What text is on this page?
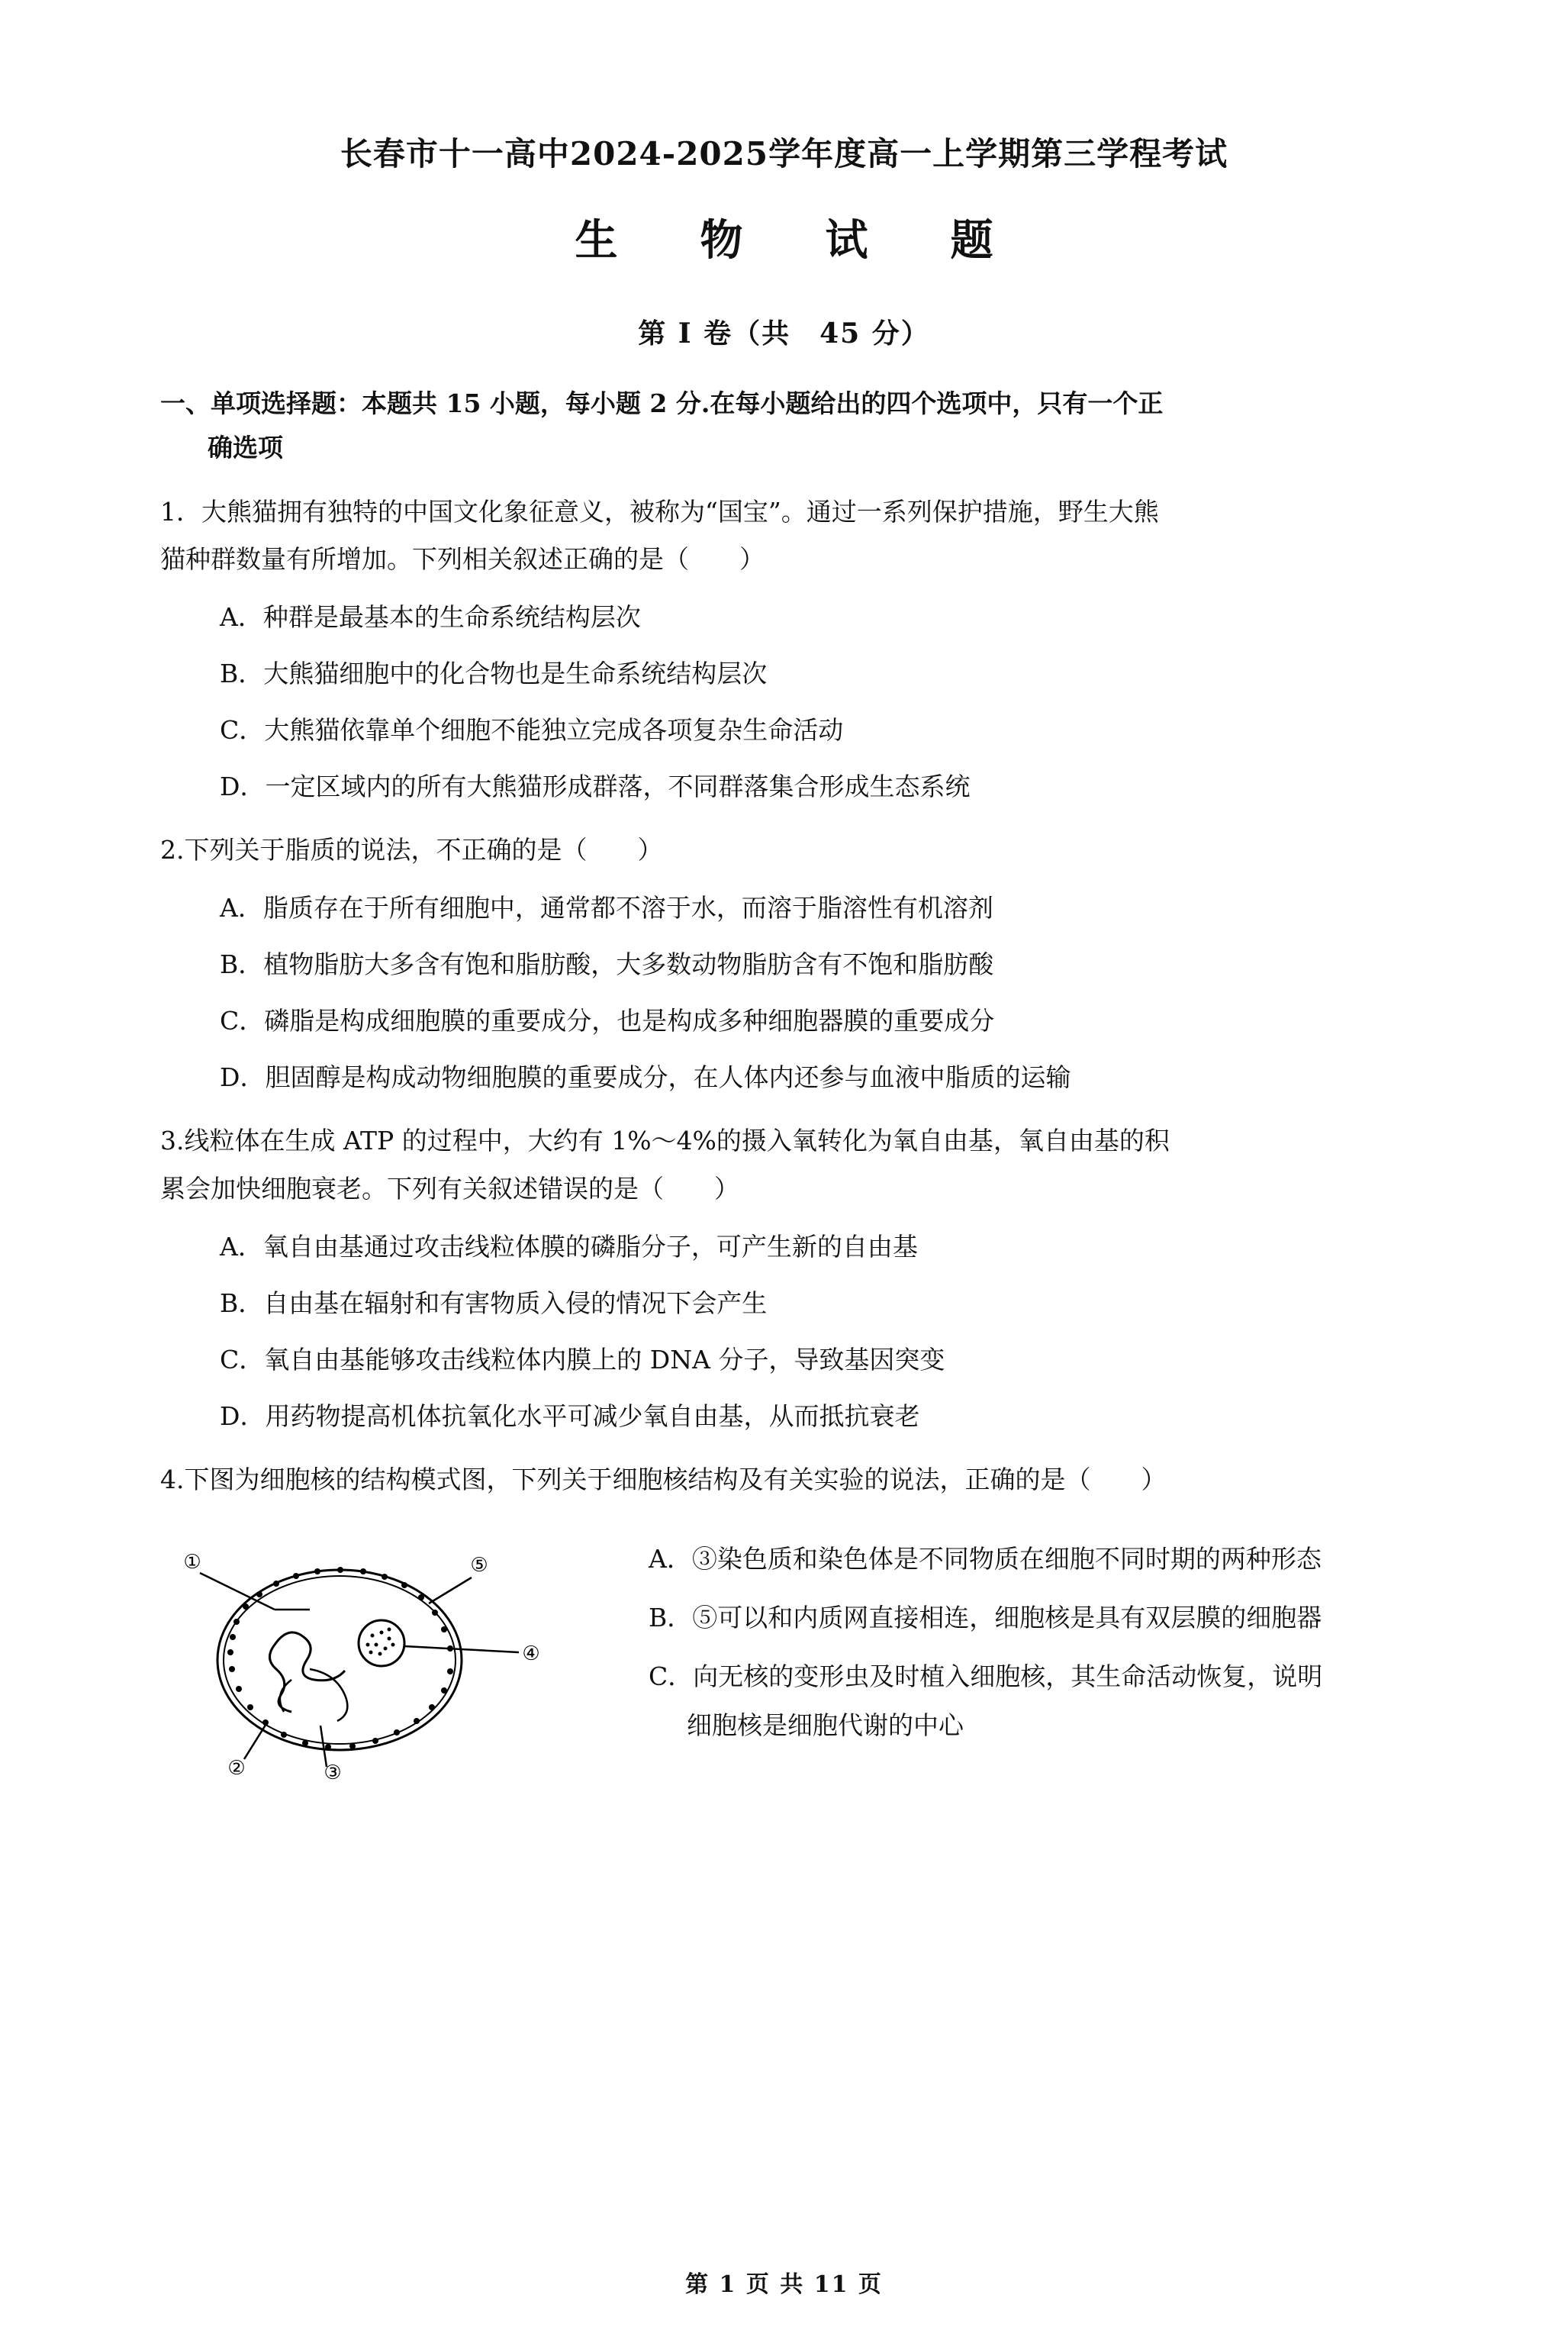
长春市十一高中2024-2025学年度高一上学期第三学程考试
生　物　试　题
第 I 卷（共　45 分）
一、单项选择题：本题共 15 小题，每小题 2 分.在每小题给出的四个选项中，只有一个正
确选项
1．大熊猫拥有独特的中国文化象征意义，被称为“国宝”。通过一系列保护措施，野生大熊
猫种群数量有所增加。下列相关叙述正确的是（　　）
A．种群是最基本的生命系统结构层次
B．大熊猫细胞中的化合物也是生命系统结构层次
C．大熊猫依靠单个细胞不能独立完成各项复杂生命活动
D．一定区域内的所有大熊猫形成群落，不同群落集合形成生态系统
2.下列关于脂质的说法，不正确的是（　　）
A．脂质存在于所有细胞中，通常都不溶于水，而溶于脂溶性有机溶剂
B．植物脂肪大多含有饱和脂肪酸，大多数动物脂肪含有不饱和脂肪酸
C．磷脂是构成细胞膜的重要成分，也是构成多种细胞器膜的重要成分
D．胆固醇是构成动物细胞膜的重要成分，在人体内还参与血液中脂质的运输
3.线粒体在生成 ATP 的过程中，大约有 1%～4%的摄入氧转化为氧自由基，氧自由基的积
累会加快细胞衰老。下列有关叙述错误的是（　　）
A．氧自由基通过攻击线粒体膜的磷脂分子，可产生新的自由基
B．自由基在辐射和有害物质入侵的情况下会产生
C．氧自由基能够攻击线粒体内膜上的 DNA 分子，导致基因突变
D．用药物提高机体抗氧化水平可减少氧自由基，从而抵抗衰老
4.下图为细胞核的结构模式图，下列关于细胞核结构及有关实验的说法，正确的是（　　）
①
②	③
⑤
④
A．③染色质和染色体是不同物质在细胞不同时期的两种形态
B．⑤可以和内质网直接相连，细胞核是具有双层膜的细胞器
C．向无核的变形虫及时植入细胞核，其生命活动恢复，说明
细胞核是细胞代谢的中心
第 1 页 共 11 页
